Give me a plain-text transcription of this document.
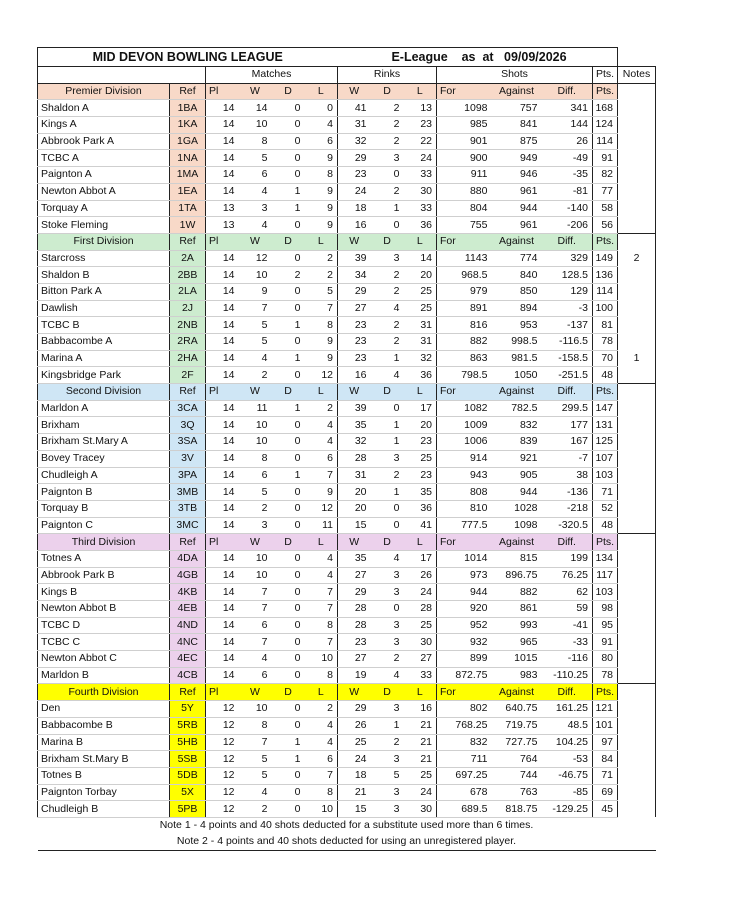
MID DEVON BOWLING LEAGUE						E-League as  at 09/09/2026							
		Matches				Rinks			Shots			Pts.	Notes
Premier Division	Ref	Pl	W	D	L	W	D	L	For	Against	Diff.	Pts.	
Shaldon A	1BA	14	14	0	0	41	2	13	1098	757	341	168	
Kings A	1KA	14	10	0	4	31	2	23	985	841	144	124	
Abbrook Park A	1GA	14	8	0	6	32	2	22	901	875	26	114	
TCBC A	1NA	14	5	0	9	29	3	24	900	949	-49	91	
Paignton A	1MA	14	6	0	8	23	0	33	911	946	-35	82	
Newton Abbot A	1EA	14	4	1	9	24	2	30	880	961	-81	77	
Torquay A	1TA	13	3	1	9	18	1	33	804	944	-140	58	
Stoke Fleming	1W	13	4	0	9	16	0	36	755	961	-206	56	
First Division	Ref	Pl	W	D	L	W	D	L	For	Against	Diff.	Pts.	
Starcross	2A	14	12	0	2	39	3	14	1143	774	329	149	2
Shaldon B	2BB	14	10	2	2	34	2	20	968.5	840	128.5	136	
Bitton Park A	2LA	14	9	0	5	29	2	25	979	850	129	114	
Dawlish	2J	14	7	0	7	27	4	25	891	894	-3	100	
TCBC B	2NB	14	5	1	8	23	2	31	816	953	-137	81	
Babbacombe A	2RA	14	5	0	9	23	2	31	882	998.5	-116.5	78	
Marina A	2HA	14	4	1	9	23	1	32	863	981.5	-158.5	70	1
Kingsbridge Park	2F	14	2	0	12	16	4	36	798.5	1050	-251.5	48	
Second Division	Ref	Pl	W	D	L	W	D	L	For	Against	Diff.	Pts.	
Marldon A	3CA	14	11	1	2	39	0	17	1082	782.5	299.5	147	
Brixham	3Q	14	10	0	4	35	1	20	1009	832	177	131	
Brixham St.Mary A	3SA	14	10	0	4	32	1	23	1006	839	167	125	
Bovey Tracey	3V	14	8	0	6	28	3	25	914	921	-7	107	
Chudleigh A	3PA	14	6	1	7	31	2	23	943	905	38	103	
Paignton B	3MB	14	5	0	9	20	1	35	808	944	-136	71	
Torquay B	3TB	14	2	0	12	20	0	36	810	1028	-218	52	
Paignton C	3MC	14	3	0	11	15	0	41	777.5	1098	-320.5	48	
Third Division	Ref	Pl	W	D	L	W	D	L	For	Against	Diff.	Pts.	
Totnes A	4DA	14	10	0	4	35	4	17	1014	815	199	134	
Abbrook Park B	4GB	14	10	0	4	27	3	26	973	896.75	76.25	117	
Kings B	4KB	14	7	0	7	29	3	24	944	882	62	103	
Newton Abbot B	4EB	14	7	0	7	28	0	28	920	861	59	98	
TCBC D	4ND	14	6	0	8	28	3	25	952	993	-41	95	
TCBC C	4NC	14	7	0	7	23	3	30	932	965	-33	91	
Newton Abbot C	4EC	14	4	0	10	27	2	27	899	1015	-116	80	
Marldon B	4CB	14	6	0	8	19	4	33	872.75	983	-110.25	78	
Fourth Division	Ref	Pl	W	D	L	W	D	L	For	Against	Diff.	Pts.	
Den	5Y	12	10	0	2	29	3	16	802	640.75	161.25	121	
Babbacombe B	5RB	12	8	0	4	26	1	21	768.25	719.75	48.5	101	
Marina B	5HB	12	7	1	4	25	2	21	832	727.75	104.25	97	
Brixham St.Mary B	5SB	12	5	1	6	24	3	21	711	764	-53	84	
Totnes B	5DB	12	5	0	7	18	5	25	697.25	744	-46.75	71	
Paignton Torbay	5X	12	4	0	8	21	3	24	678	763	-85	69	
Chudleigh B	5PB	12	2	0	10	15	3	30	689.5	818.75	-129.25	45	
Note 1 - 4 points and 40 shots deducted for a substitute used more than 6 times.													
Note 2 - 4 points and 40 shots deducted for using an unregistered player.													
